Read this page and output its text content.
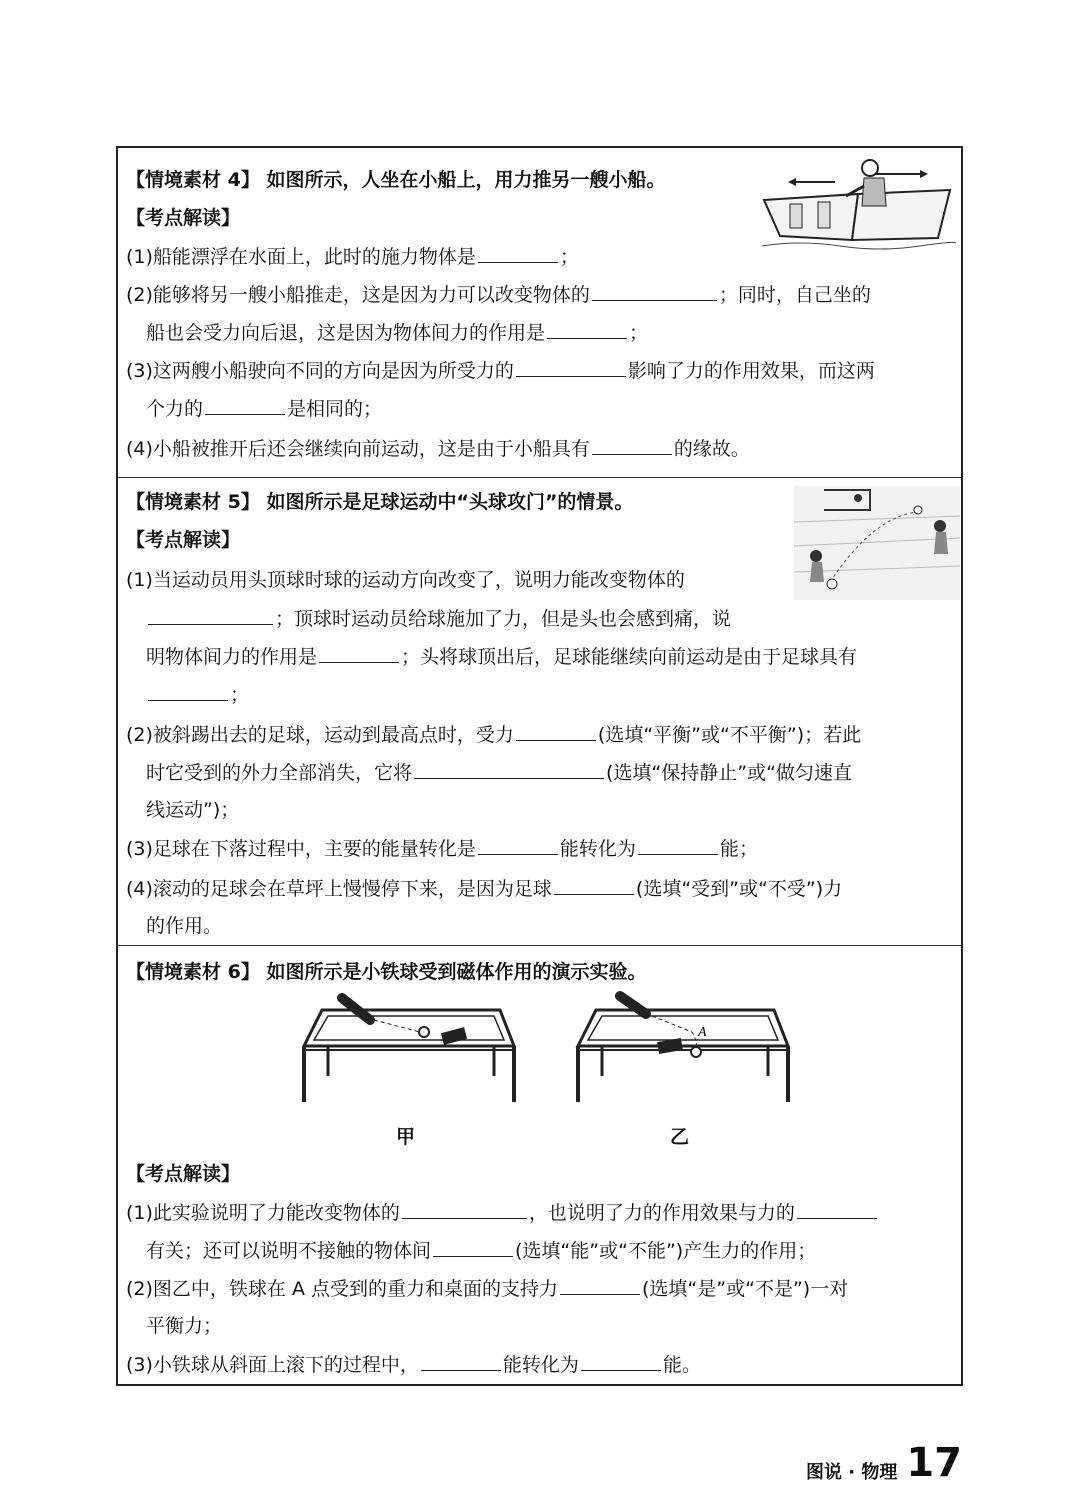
【情境素材 4】 如图所示，人坐在小船上，用力推另一艘小船。
【考点解读】
(1)船能漂浮在水面上，此时的施力物体是	；
(2)能够将另一艘小船推走，这是因为力可以改变物体的	；同时，自己坐的
船也会受力向后退，这是因为物体间力的作用是	；
(3)这两艘小船驶向不同的方向是因为所受力的	影响了力的作用效果，而这两
个力的	是相同的；
(4)小船被推开后还会继续向前运动，这是由于小船具有	的缘故。
【情境素材 5】 如图所示是足球运动中“头球攻门”的情景。
【考点解读】
(1)当运动员用头顶球时球的运动方向改变了，说明力能改变物体的
；顶球时运动员给球施加了力，但是头也会感到痛，说
明物体间力的作用是	；头将球顶出后，足球能继续向前运动是由于足球具有
；
(2)被斜踢出去的足球，运动到最高点时，受力	(选填“平衡”或“不平衡”)；若此
时它受到的外力全部消失，它将	(选填“保持静止”或“做匀速直
线运动”)；
(3)足球在下落过程中，主要的能量转化是	能转化为	能；
(4)滚动的足球会在草坪上慢慢停下来，是因为足球	(选填“受到”或“不受”)力
的作用。
【情境素材 6】 如图所示是小铁球受到磁体作用的演示实验。
A
甲	乙
【考点解读】
(1)此实验说明了力能改变物体的	，也说明了力的作用效果与力的
有关；还可以说明不接触的物体间	(选填“能”或“不能”)产生力的作用；
(2)图乙中，铁球在 A 点受到的重力和桌面的支持力	(选填“是”或“不是”)一对
平衡力；
(3)小铁球从斜面上滚下的过程中，	能转化为	能。
图说 · 物理 17
